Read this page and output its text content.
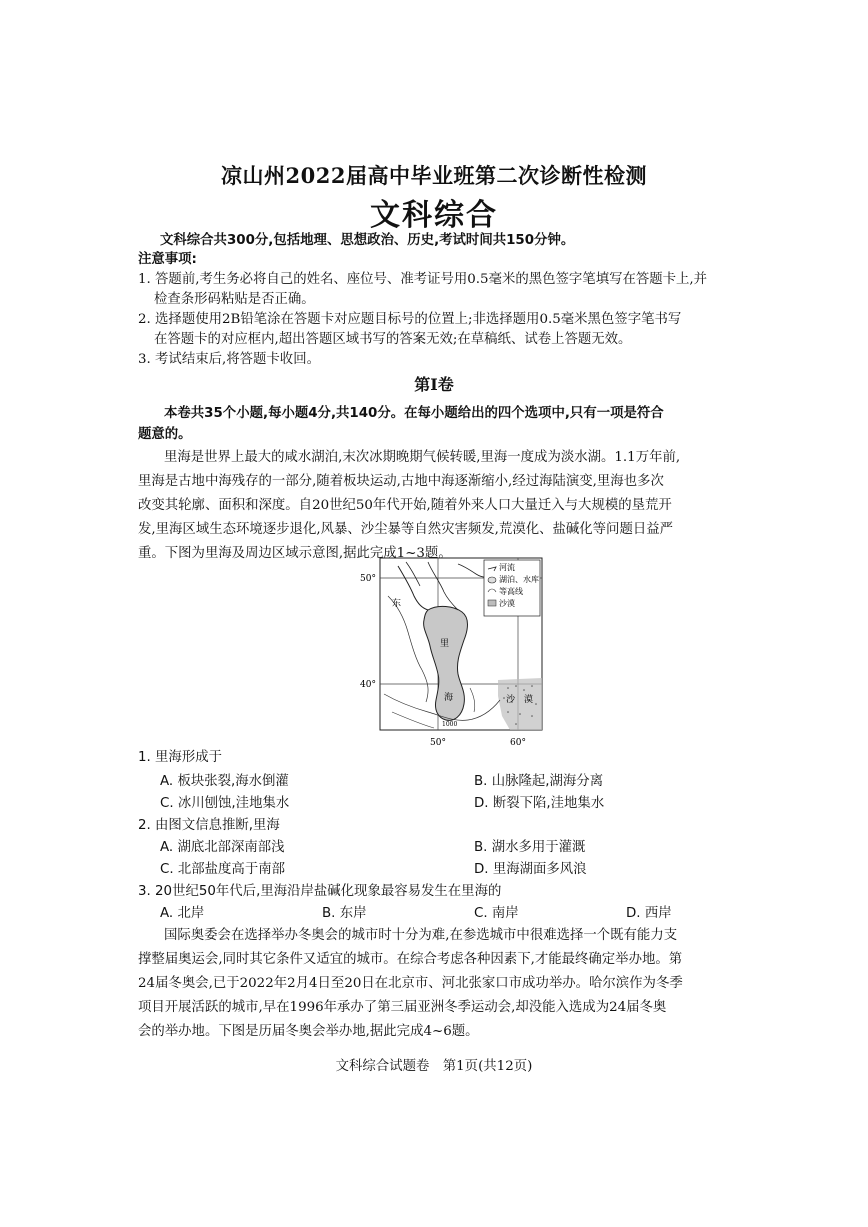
凉山州2022届高中毕业班第二次诊断性检测
文科综合
文科综合共300分,包括地理、思想政治、历史,考试时间共150分钟。
注意事项:
1. 答题前,考生务必将自己的姓名、座位号、准考证号用0.5毫米的黑色签字笔填写在答题卡上,并
检查条形码粘贴是否正确。
2. 选择题使用2B铅笔涂在答题卡对应题目标号的位置上;非选择题用0.5毫米黑色签字笔书写
在答题卡的对应框内,超出答题区域书写的答案无效;在草稿纸、试卷上答题无效。
3. 考试结束后,将答题卡收回。
第Ⅰ卷
本卷共35个小题,每小题4分,共140分。在每小题给出的四个选项中,只有一项是符合
题意的。
里海是世界上最大的咸水湖泊,末次冰期晚期气候转暖,里海一度成为淡水湖。1.1万年前,
里海是古地中海残存的一部分,随着板块运动,古地中海逐渐缩小,经过海陆演变,里海也多次
改变其轮廓、面积和深度。自20世纪50年代开始,随着外来人口大量迁入与大规模的垦荒开
发,里海区域生态环境逐步退化,风暴、沙尘暴等自然灾害频发,荒漠化、盐碱化等问题日益严
重。下图为里海及周边区域示意图,据此完成1~3题。
河流
湖泊、水库
等高线
沙漠
东
里
海	沙 漠
1000
50°
40°
50°	60°
1. 里海形成于
A. 板块张裂,海水倒灌	B. 山脉隆起,湖海分离
C. 冰川刨蚀,洼地集水	D. 断裂下陷,洼地集水
2. 由图文信息推断,里海
A. 湖底北部深南部浅	B. 湖水多用于灌溉
C. 北部盐度高于南部	D. 里海湖面多风浪
3. 20世纪50年代后,里海沿岸盐碱化现象最容易发生在里海的
A. 北岸	B. 东岸	C. 南岸	D. 西岸
国际奥委会在选择举办冬奥会的城市时十分为难,在参选城市中很难选择一个既有能力支
撑整届奥运会,同时其它条件又适宜的城市。在综合考虑各种因素下,才能最终确定举办地。第
24届冬奥会,已于2022年2月4日至20日在北京市、河北张家口市成功举办。哈尔滨作为冬季
项目开展活跃的城市,早在1996年承办了第三届亚洲冬季运动会,却没能入选成为24届冬奥
会的举办地。下图是历届冬奥会举办地,据此完成4~6题。
文科综合试题卷　第1页(共12页)
